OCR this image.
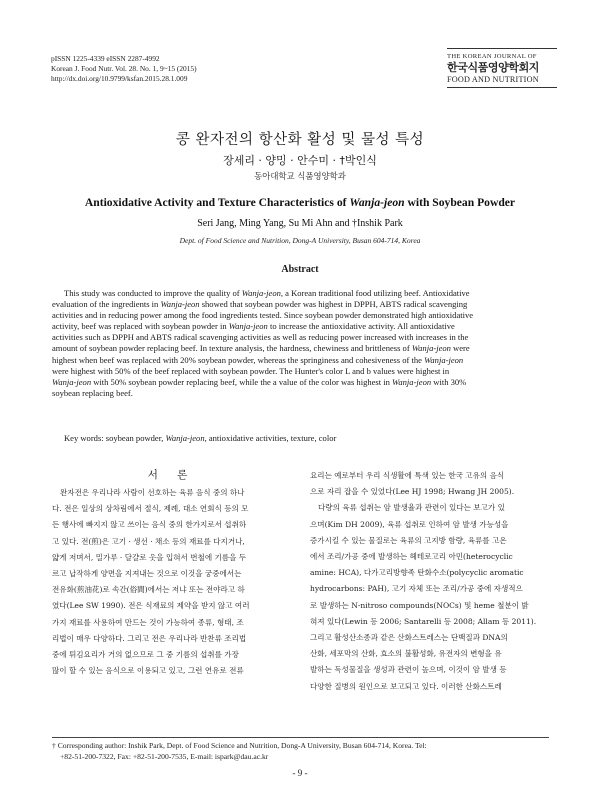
pISSN 1225-4339 eISSN 2287-4992
Korean J. Food Nutr. Vol. 28. No. 1, 9~15 (2015)
http://dx.doi.org/10.9799/ksfan.2015.28.1.009
THE KOREAN JOURNAL OF
한국식품영양학회지
FOOD AND NUTRITION
콩 완자전의 항산화 활성 및 물성 특성
장세리 · 양밍 · 안수미 · †박인식
동아대학교 식품영양학과
Antioxidative Activity and Texture Characteristics of Wanja-jeon with Soybean Powder
Seri Jang, Ming Yang, Su Mi Ahn and †Inshik Park
Dept. of Food Science and Nutrition, Dong-A University, Busan 604-714, Korea
Abstract
This study was conducted to improve the quality of Wanja-jeon, a Korean traditional food utilizing beef. Antioxidative
evaluation of the ingredients in Wanja-jeon showed that soybean powder was highest in DPPH, ABTS radical scavenging
activities and in reducing power among the food ingredients tested. Since soybean powder demonstrated high antioxidative
activity, beef was replaced with soybean powder in Wanja-jeon to increase the antioxidative activity. All antioxidative
activities such as DPPH and ABTS radical scavenging activities as well as reducing power increased with increases in the
amount of soybean powder replacing beef. In texture analysis, the hardness, chewiness and brittleness of Wanja-jeon were
highest when beef was replaced with 20% soybean powder, whereas the springiness and cohesiveness of the Wanja-jeon
were highest with 50% of the beef replaced with soybean powder. The Hunter's color L and b values were highest in
Wanja-jeon with 50% soybean powder replacing beef, while the a value of the color was highest in Wanja-jeon with 30%
soybean replacing beef.
Key words: soybean powder, Wanja-jeon, antioxidative activities, texture, color
서 론
완자전은 우리나라 사람이 선호하는 육류 음식 중의 하나
다. 전은 일상의 상차림에서 절식, 제례, 대소 연회식 등의 모
든 행사에 빠지지 않고 쓰이는 음식 중의 한가지로서 섭취하
고 있다. 전(煎)은 고기 · 생선 · 채소 등의 재료를 다지거나,
얇게 저며서, 밀가루 · 달걀로 옷을 입혀서 번철에 기름을 두
르고 납작하게 양면을 지져내는 것으로 이것을 궁중에서는
전유화(煎油花)로 속간(俗間)에서는 저냐 또는 전야라고 하
였다(Lee SW 1990). 전은 식재료의 제약을 받지 않고 여러
가지 재료를 사용하여 만드는 것이 가능하여 종류, 형태, 조
리법이 매우 다양하다. 그리고 전은 우리나라 반찬류 조리법
중에 튀김요리가 거의 없으므로 그 중 기름의 섭취를 가장
많이 할 수 있는 음식으로 이용되고 있고, 그런 연유로 전류
요리는 예로부터 우리 식생활에 특색 있는 한국 고유의 음식
으로 자리 잡을 수 있었다(Lee HJ 1998; Hwang JH 2005).
다량의 육류 섭취는 암 발생율과 관련이 있다는 보고가 있
으며(Kim DH 2009), 육류 섭취로 인하여 암 발생 가능성을
증가시킬 수 있는 물질로는 육류의 고지방 함량, 육류를 고온
에서 조리/가공 중에 발생하는 헤테로고리 아민(heterocyclic
amine: HCA), 다가고리방향족 탄화수소(polycyclic aromatic
hydrocarbons: PAH), 고기 자체 또는 조리/가공 중에 자생적으
로 발생하는 N-nitroso compounds(NOCs) 및 heme 철분이 밝
혀져 있다(Lewin 등 2006; Santarelli 등 2008; Allam 등 2011).
그리고 활성산소종과 같은 산화스트레스는 단백질과 DNA의
산화, 세포막의 산화, 효소의 불활성화, 유전자의 변형을 유
발하는 독성물질을 생성과 관련이 높으며, 이것이 암 발생 등
다양한 질병의 원인으로 보고되고 있다. 이러한 산화스트레
† Corresponding author: Inshik Park, Dept. of Food Science and Nutrition, Dong-A University, Busan 604-714, Korea. Tel:
+82-51-200-7322, Fax: +82-51-200-7535, E-mail: ispark@dau.ac.kr
- 9 -
